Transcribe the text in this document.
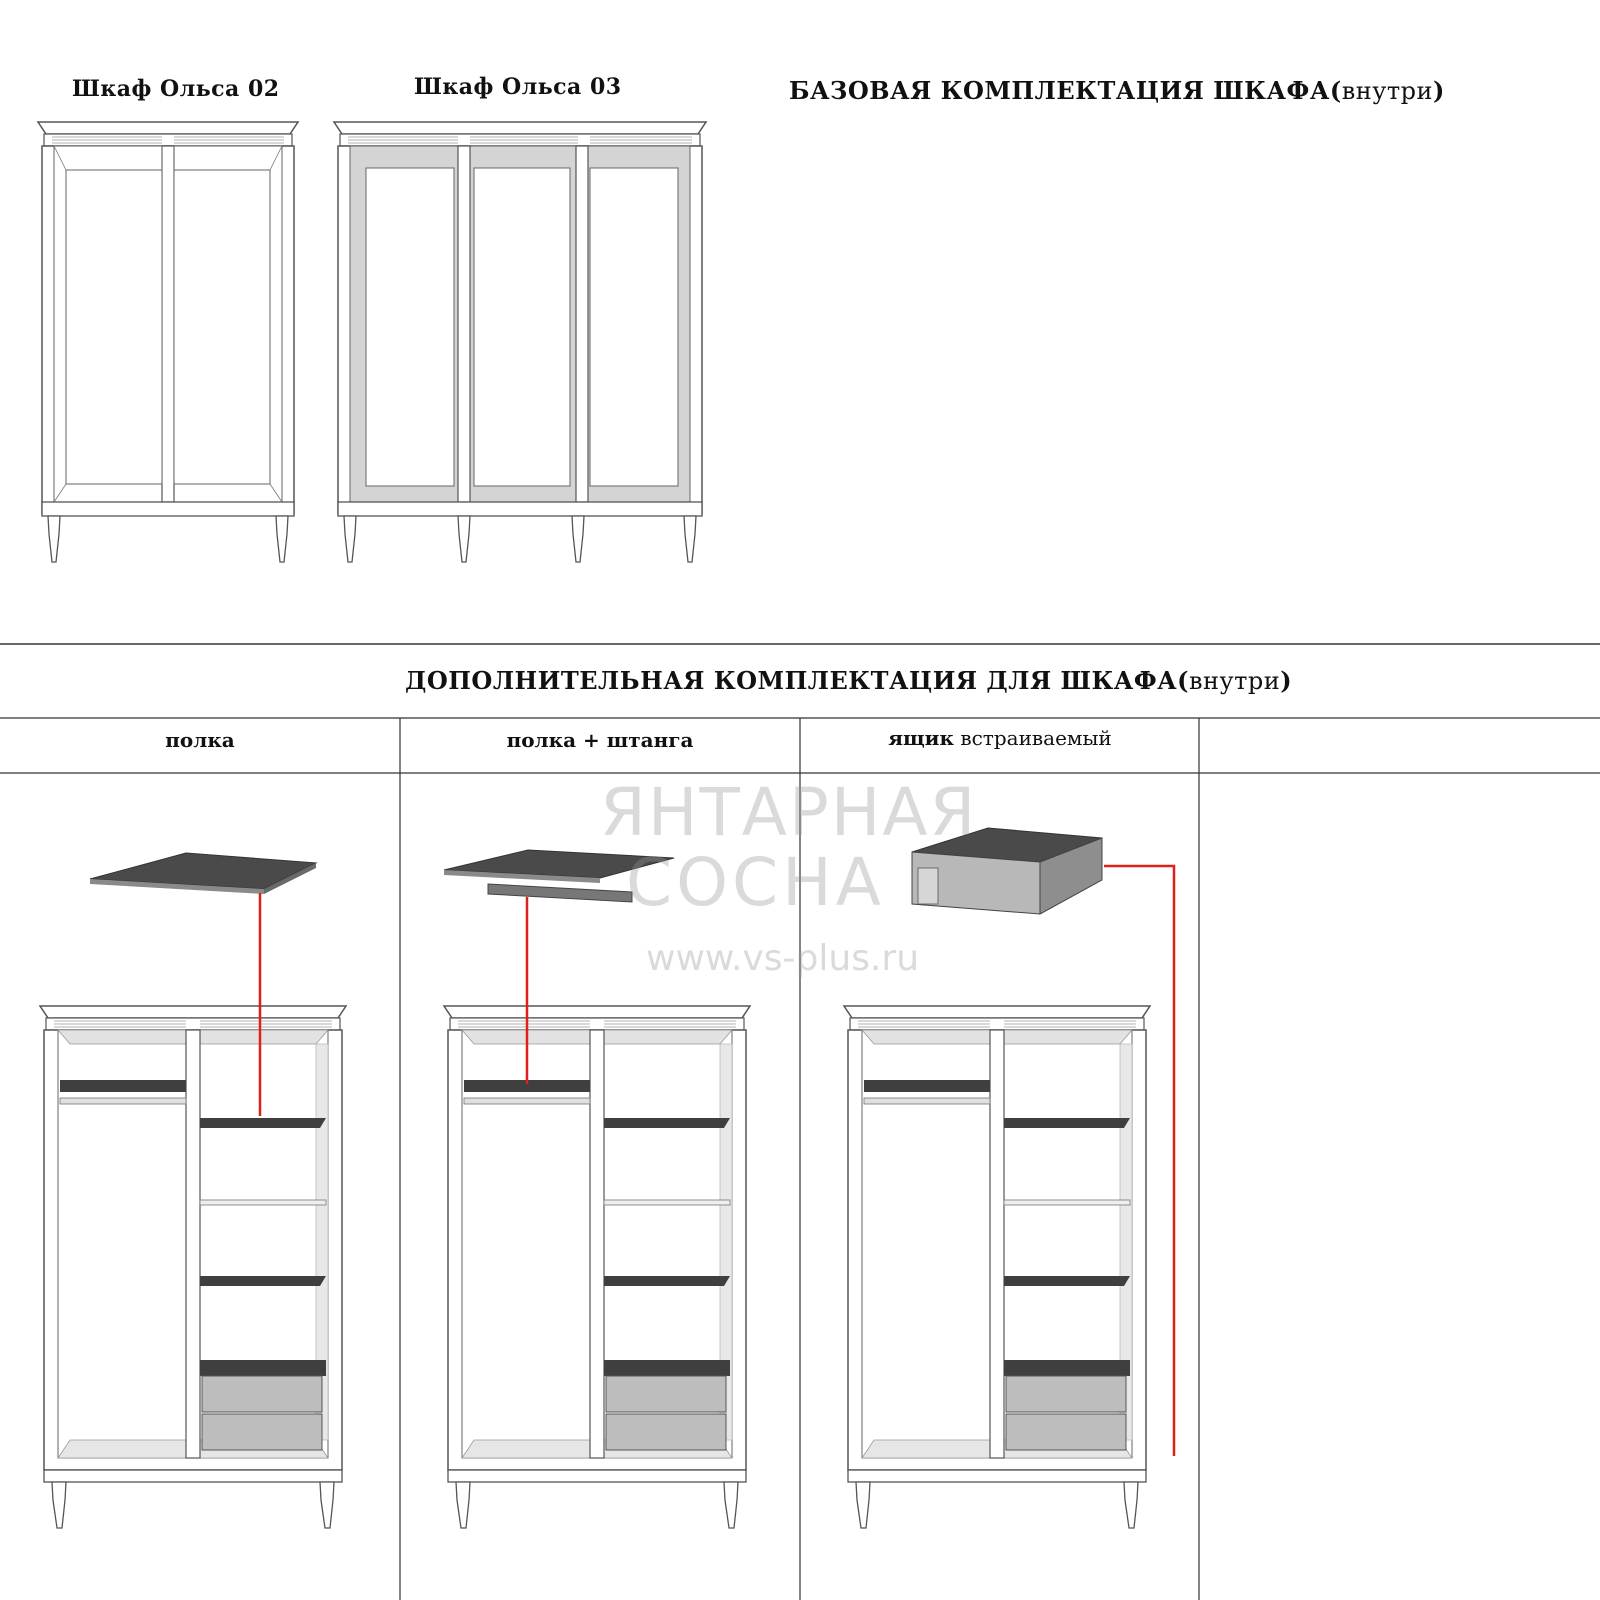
Шкаф Ольса 02	Шкаф Ольса 03	БАЗОВАЯ КОМПЛЕКТАЦИЯ ШКАФА(внутри)
ЯНТАРНАЯ
СОСНА
www.vs-plus.ru
ДОПОЛНИТЕЛЬНАЯ КОМПЛЕКТАЦИЯ ДЛЯ ШКАФА(внутри)
полка	полка + штанга	ящик встраиваемый
